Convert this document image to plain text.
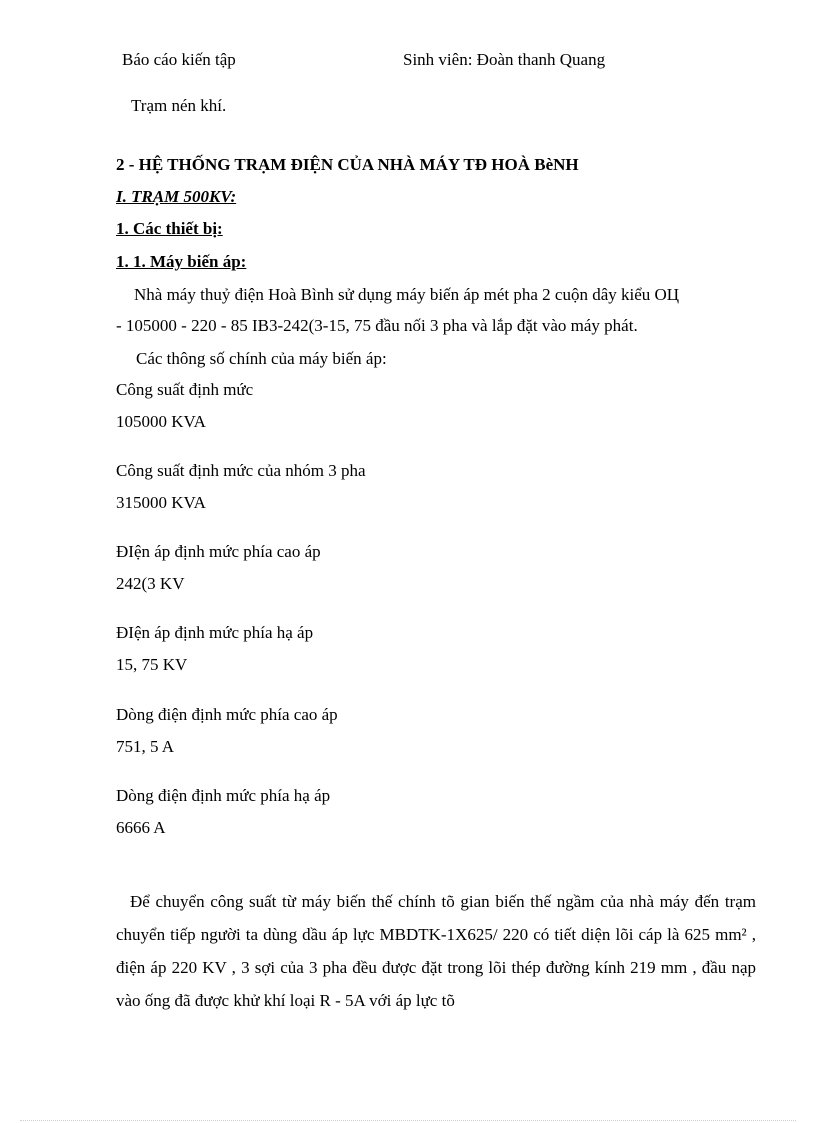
Báo cáo kiến tập	Sinh viên: Đoàn thanh Quang
Trạm nén khí.
2 - HỆ THỐNG TRẠM ĐIỆN CỦA NHÀ MÁY TĐ HOÀ BèNH
I. TRẠM 500KV:
1. Các thiết bị:
1. 1. Máy biến áp:
Nhà máy thuỷ điện Hoà Bình sử dụng máy biến áp mét pha 2 cuộn dây kiểu ОЦ
- 105000 - 220 - 85 IB3-242(3-15, 75 đầu nối 3 pha và lắp đặt vào máy phát.
Các thông số chính của máy biến áp:
Công suất định mức
105000 KVA
Công suất định mức của nhóm 3 pha
315000 KVA
ĐIện áp định mức phía cao áp
242(3 KV
ĐIện áp định mức phía hạ áp
15, 75 KV
Dòng điện định mức phía cao áp
751, 5 A
Dòng điện định mức phía hạ áp
6666 A
Để chuyển công suất từ máy biến thế chính tõ gian biến thế ngầm của nhà máy đến trạm chuyển tiếp người ta dùng dầu áp lực MBDTK-1X625/ 220 có tiết diện lõi cáp là 625 mm² , điện áp 220 KV , 3 sợi của 3 pha đều được đặt trong lõi thép đường kính 219 mm , đầu nạp vào ống đã được khử khí loại R - 5A với áp lực tõ
